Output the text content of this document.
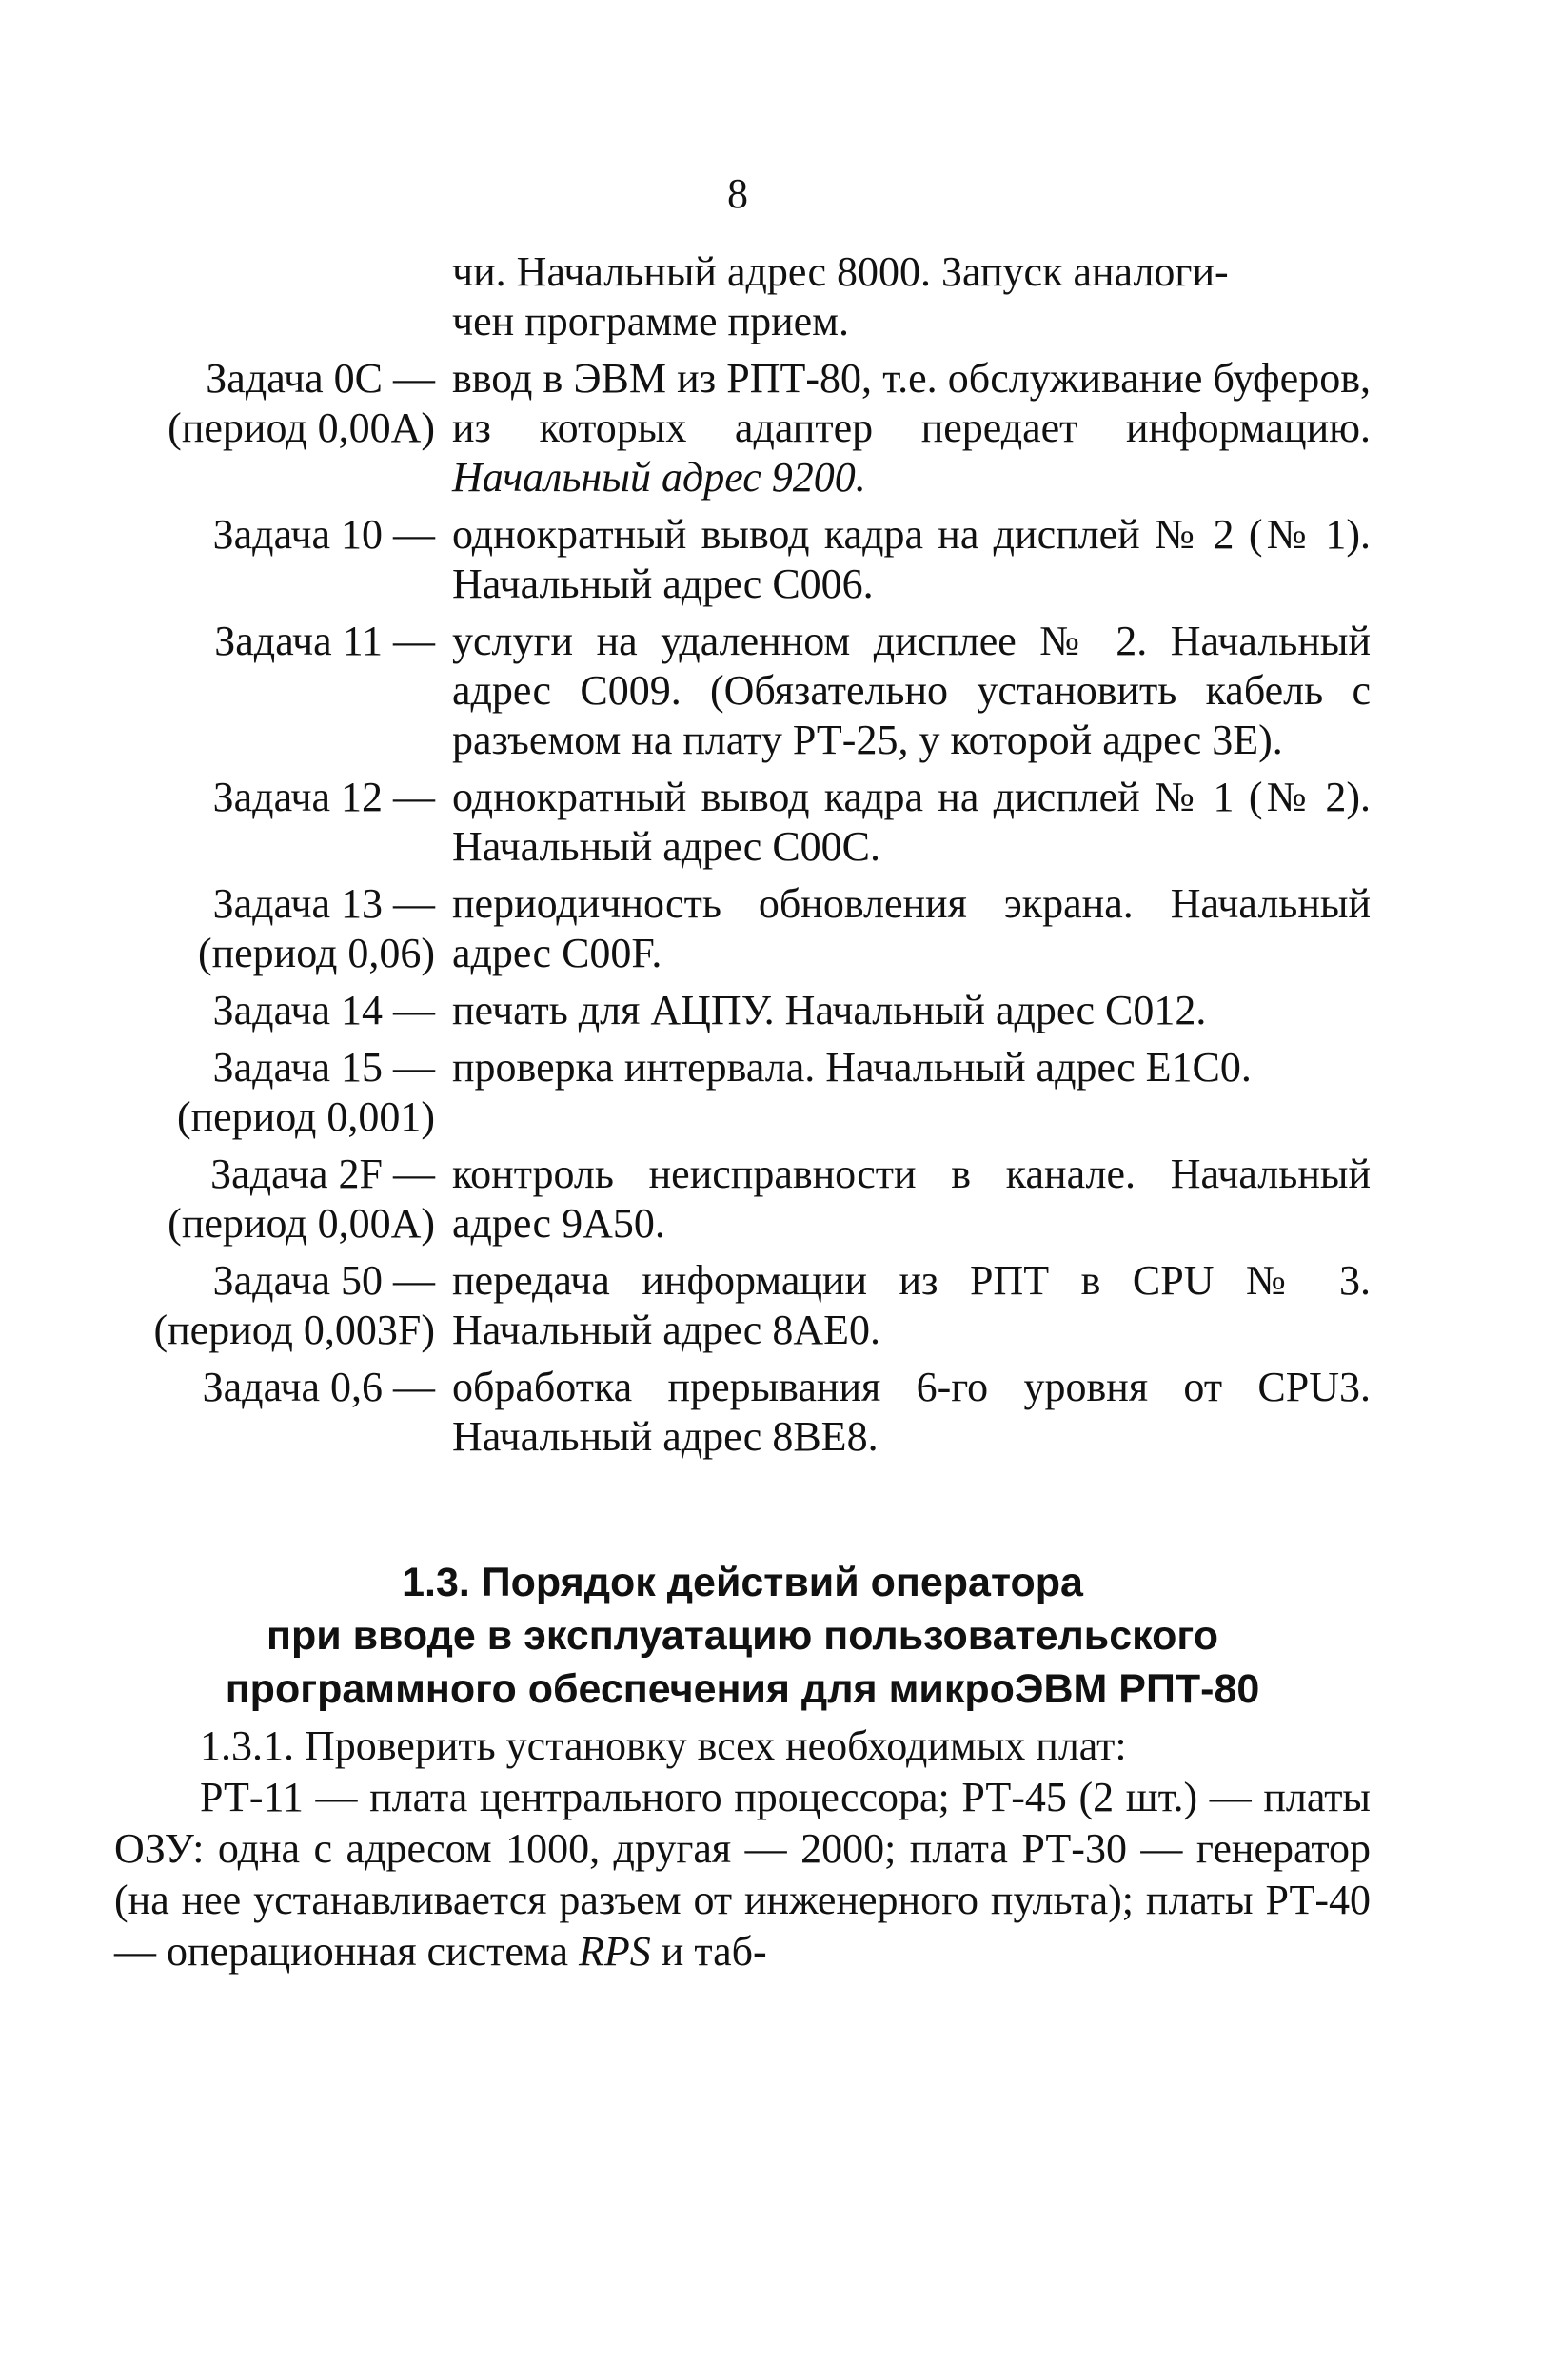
8
чи. Начальный адрес 8000. Запуск аналоги-
чен программе прием.
Задача 0С —
(период 0,00А)
ввод в ЭВМ из РПТ-80, т.е. обслуживание буферов, из которых адаптер передает информацию. Начальный адрес 9200.
Задача 10 — однократный вывод кадра на дисплей № 2 (№ 1). Начальный адрес С006.
Задача 11 — услуги на удаленном дисплее № 2. Начальный адрес С009. (Обязательно установить кабель с разъемом на плату РТ-25, у которой адрес 3Е).
Задача 12 — однократный вывод кадра на дисплей № 1 (№ 2). Начальный адрес С00С.
Задача 13 —
(период 0,06)
периодичность обновления экрана. Начальный адрес С00F.
Задача 14 — печать для АЦПУ. Начальный адрес С012.
Задача 15 —
(период 0,001)
проверка интервала. Начальный адрес Е1С0.
Задача 2F —
(период 0,00А)
контроль неисправности в канале. Начальный адрес 9А50.
Задача 50 —
(период 0,003F)
передача информации из РПТ в CPU № 3. Начальный адрес 8АЕ0.
Задача 0,6 — обработка прерывания 6-го уровня от CPU3. Начальный адрес 8ВЕ8.
1.3. Порядок действий оператора
при вводе в эксплуатацию пользовательского
программного обеспечения для микроЭВМ РПТ-80

1.3.1. Проверить установку всех необходимых плат:

РТ-11 — плата центрального процессора; РТ-45 (2 шт.) — платы ОЗУ: одна с адресом 1000, другая — 2000; плата РТ-30 — генератор (на нее устанавливается разъем от инженерного пульта); платы РТ-40 — операционная система RPS и таб-
